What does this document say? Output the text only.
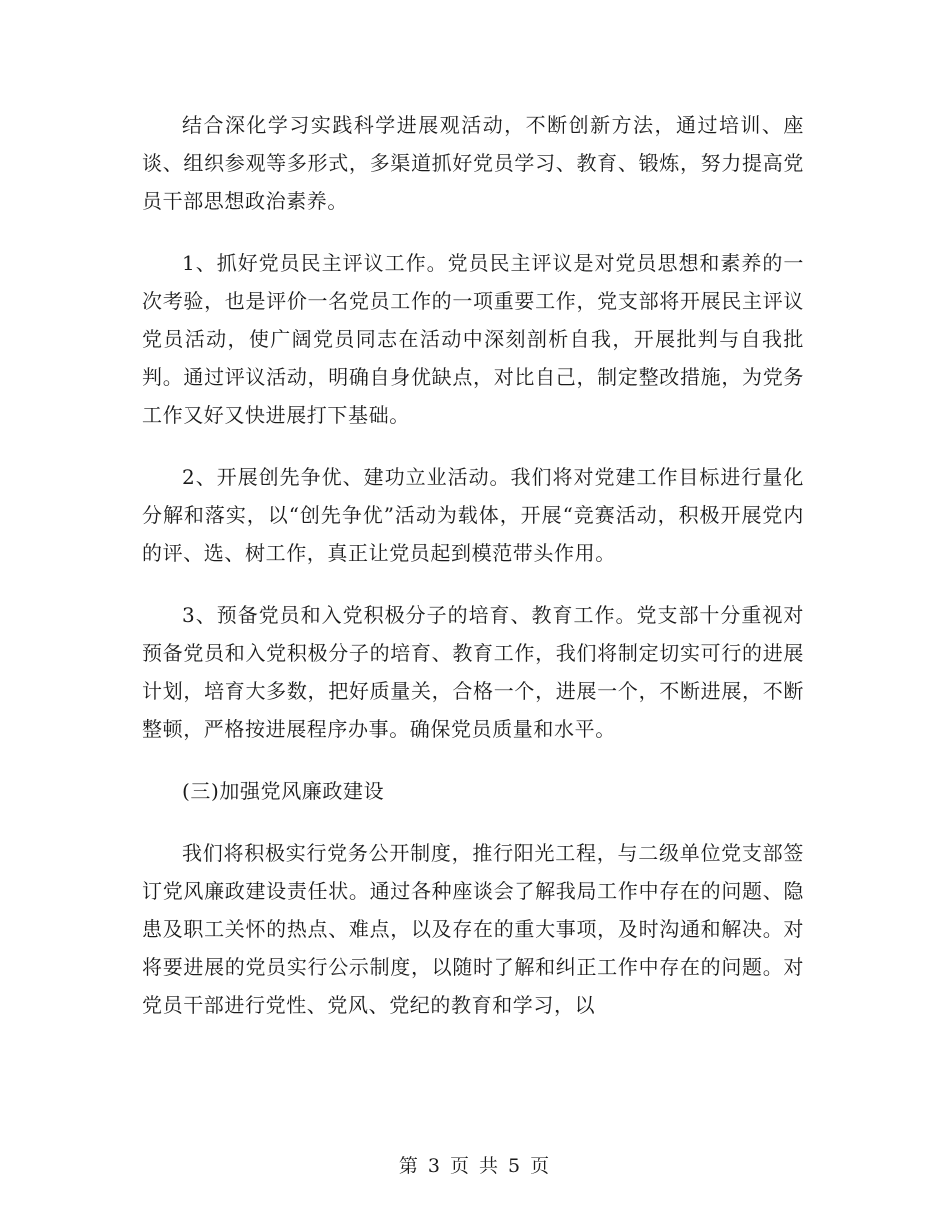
结合深化学习实践科学进展观活动，不断创新方法，通过培训、座谈、组织参观等多形式，多渠道抓好党员学习、教育、锻炼，努力提高党员干部思想政治素养。

1、抓好党员民主评议工作。党员民主评议是对党员思想和素养的一次考验，也是评价一名党员工作的一项重要工作，党支部将开展民主评议党员活动，使广阔党员同志在活动中深刻剖析自我，开展批判与自我批判。通过评议活动，明确自身优缺点，对比自己，制定整改措施，为党务工作又好又快进展打下基础。

2、开展创先争优、建功立业活动。我们将对党建工作目标进行量化分解和落实，以“创先争优”活动为载体，开展“竞赛活动，积极开展党内的评、选、树工作，真正让党员起到模范带头作用。

3、预备党员和入党积极分子的培育、教育工作。党支部十分重视对预备党员和入党积极分子的培育、教育工作，我们将制定切实可行的进展计划，培育大多数，把好质量关，合格一个，进展一个，不断进展，不断整顿，严格按进展程序办事。确保党员质量和水平。

(三)加强党风廉政建设

我们将积极实行党务公开制度，推行阳光工程，与二级单位党支部签订党风廉政建设责任状。通过各种座谈会了解我局工作中存在的问题、隐患及职工关怀的热点、难点，以及存在的重大事项，及时沟通和解决。对将要进展的党员实行公示制度，以随时了解和纠正工作中存在的问题。对党员干部进行党性、党风、党纪的教育和学习，以

第 3 页 共 5 页
